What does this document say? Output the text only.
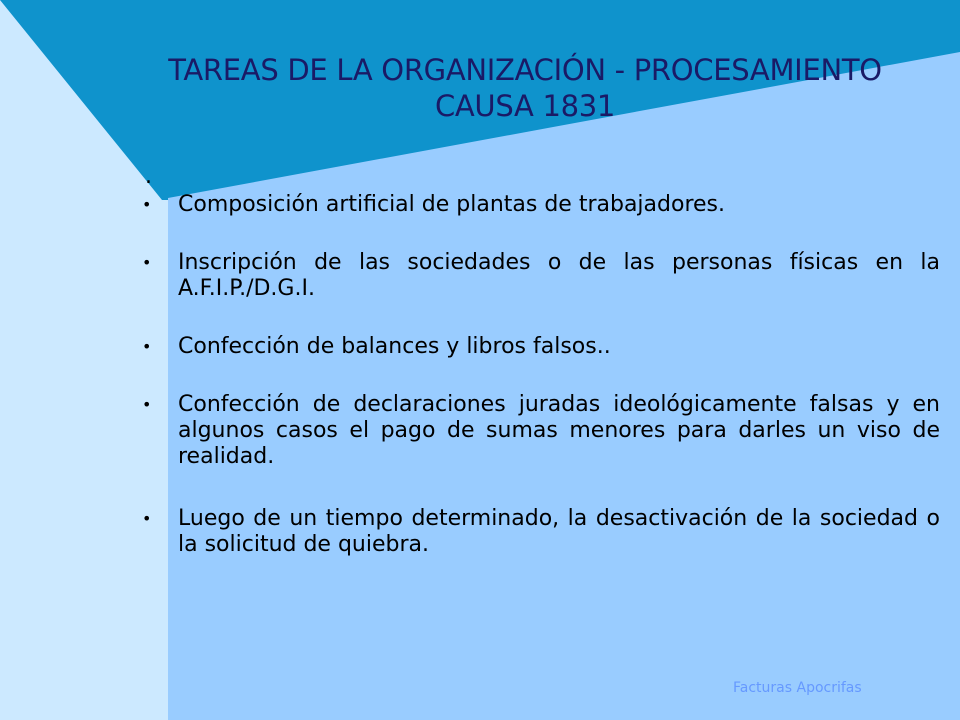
TAREAS DE LA ORGANIZACIÓN - PROCESAMIENTO CAUSA 1831
.
•	Composición artificial de plantas de trabajadores.
•	Inscripción de las sociedades o de las personas físicas en la A.F.I.P./D.G.I.
•	Confección de balances y libros falsos..
•	Confección de declaraciones juradas ideológicamente falsas y en algunos casos el pago de sumas menores para darles un viso de realidad.
•	Luego de un tiempo determinado, la desactivación de la sociedad o la solicitud de quiebra.
Facturas Apocrifas
